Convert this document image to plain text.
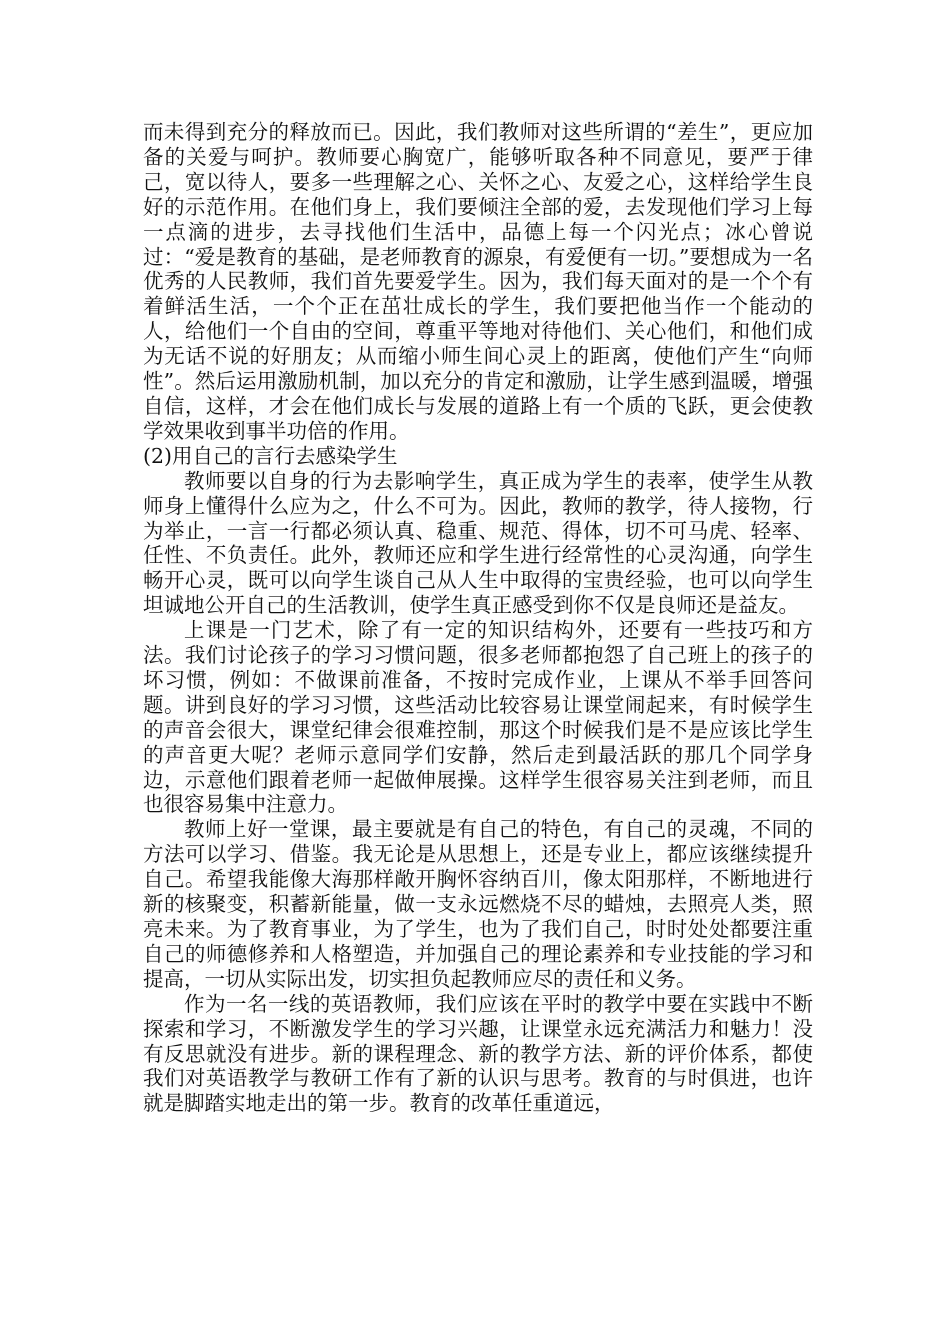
而未得到充分的释放而已。因此，我们教师对这些所谓的“差生”，更应加备的关爱与呵护。教师要心胸宽广，能够听取各种不同意见，要严于律己，宽以待人，要多一些理解之心、关怀之心、友爱之心，这样给学生良好的示范作用。在他们身上，我们要倾注全部的爱，去发现他们学习上每一点滴的进步，去寻找他们生活中，品德上每一个闪光点；冰心曾说过：“爱是教育的基础，是老师教育的源泉，有爱便有一切。”要想成为一名优秀的人民教师，我们首先要爱学生。因为，我们每天面对的是一个个有着鲜活生活，一个个正在茁壮成长的学生，我们要把他当作一个能动的人，给他们一个自由的空间，尊重平等地对待他们、关心他们，和他们成为无话不说的好朋友；从而缩小师生间心灵上的距离，使他们产生“向师性”。然后运用激励机制，加以充分的肯定和激励，让学生感到温暖，增强自信，这样，才会在他们成长与发展的道路上有一个质的飞跃，更会使教学效果收到事半功倍的作用。

(2)用自己的言行去感染学生

教师要以自身的行为去影响学生，真正成为学生的表率，使学生从教师身上懂得什么应为之，什么不可为。因此，教师的教学，待人接物，行为举止，一言一行都必须认真、稳重、规范、得体，切不可马虎、轻率、任性、不负责任。此外，教师还应和学生进行经常性的心灵沟通，向学生畅开心灵，既可以向学生谈自己从人生中取得的宝贵经验，也可以向学生坦诚地公开自己的生活教训，使学生真正感受到你不仅是良师还是益友。

上课是一门艺术，除了有一定的知识结构外，还要有一些技巧和方法。我们讨论孩子的学习习惯问题，很多老师都抱怨了自己班上的孩子的坏习惯，例如：不做课前准备，不按时完成作业，上课从不举手回答问题。讲到良好的学习习惯，这些活动比较容易让课堂闹起来，有时候学生的声音会很大，课堂纪律会很难控制，那这个时候我们是不是应该比学生的声音更大呢？老师示意同学们安静，然后走到最活跃的那几个同学身边，示意他们跟着老师一起做伸展操。这样学生很容易关注到老师，而且也很容易集中注意力。

教师上好一堂课，最主要就是有自己的特色，有自己的灵魂，不同的方法可以学习、借鉴。我无论是从思想上，还是专业上，都应该继续提升自己。希望我能像大海那样敞开胸怀容纳百川，像太阳那样，不断地进行新的核聚变，积蓄新能量，做一支永远燃烧不尽的蜡烛，去照亮人类，照亮未来。为了教育事业，为了学生，也为了我们自己，时时处处都要注重自己的师德修养和人格塑造，并加强自己的理论素养和专业技能的学习和提高，一切从实际出发，切实担负起教师应尽的责任和义务。

作为一名一线的英语教师，我们应该在平时的教学中要在实践中不断探索和学习，不断激发学生的学习兴趣，让课堂永远充满活力和魅力！没有反思就没有进步。新的课程理念、新的教学方法、新的评价体系，都使我们对英语教学与教研工作有了新的认识与思考。教育的与时俱进，也许就是脚踏实地走出的第一步。教育的改革任重道远，
